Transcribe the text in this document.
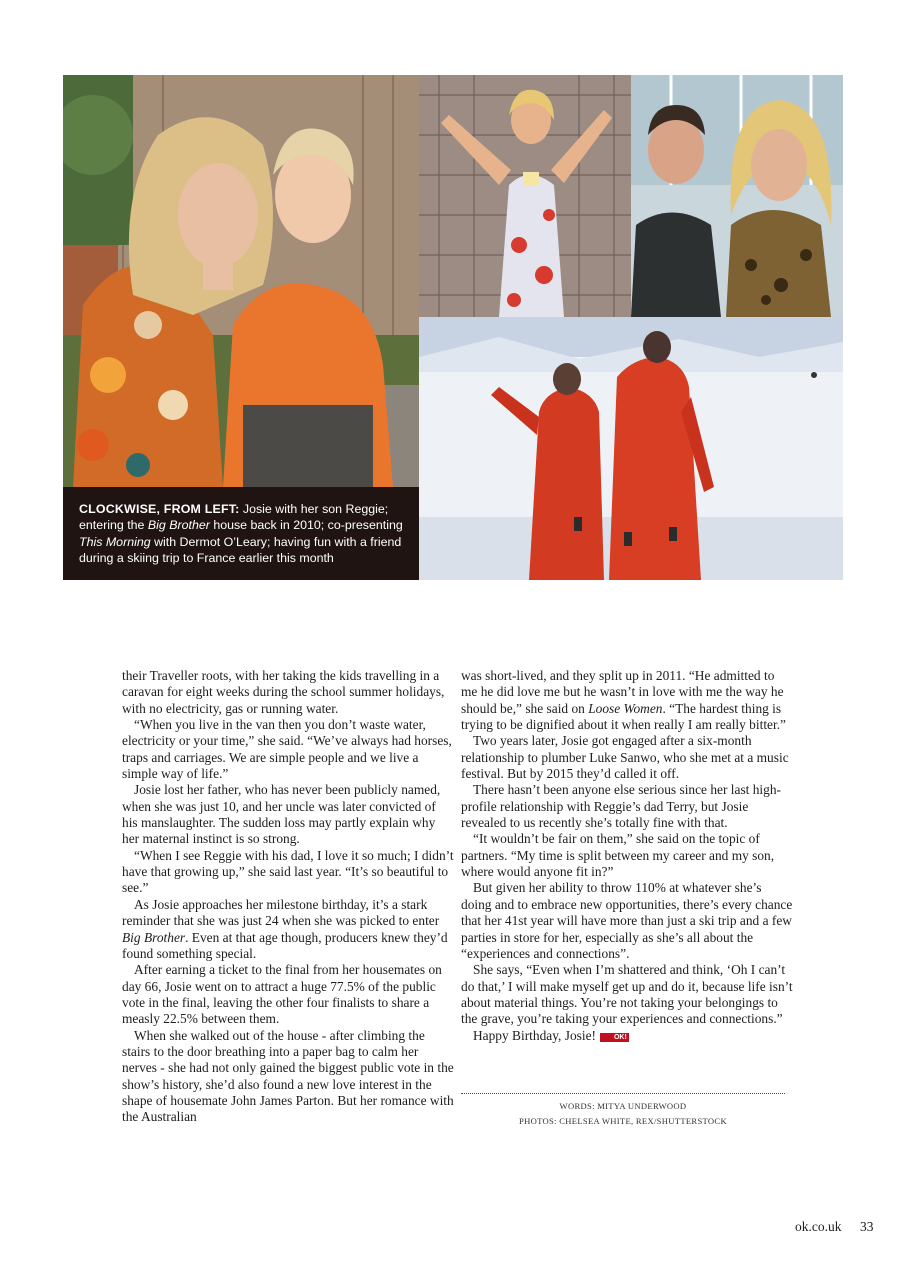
CLOCKWISE, FROM LEFT: Josie with her son Reggie; entering the Big Brother house back in 2010; co-presenting This Morning with Dermot O’Leary; having fun with a friend during a skiing trip to France earlier this month

their Traveller roots, with her taking the kids travelling in a caravan for eight weeks during the school summer holidays, with no electricity, gas or running water.

“When you live in the van then you don’t waste water, electricity or your time,” she said. “We’ve always had horses, traps and carriages. We are simple people and we live a simple way of life.”

Josie lost her father, who has never been publicly named, when she was just 10, and her uncle was later convicted of his manslaughter. The sudden loss may partly explain why her maternal instinct is so strong.

“When I see Reggie with his dad, I love it so much; I didn’t have that growing up,” she said last year. “It’s so beautiful to see.”

As Josie approaches her milestone birthday, it’s a stark reminder that she was just 24 when she was picked to enter Big Brother. Even at that age though, producers knew they’d found something special.

After earning a ticket to the final from her housemates on day 66, Josie went on to attract a huge 77.5% of the public vote in the final, leaving the other four finalists to share a measly 22.5% between them.

When she walked out of the house - after climbing the stairs to the door breathing into a paper bag to calm her nerves - she had not only gained the biggest public vote in the show’s history, she’d also found a new love interest in the shape of housemate John James Parton. But her romance with the Australian

was short-lived, and they split up in 2011. “He admitted to me he did love me but he wasn’t in love with me the way he should be,” she said on Loose Women. “The hardest thing is trying to be dignified about it when really I am really bitter.”

Two years later, Josie got engaged after a six-month relationship to plumber Luke Sanwo, who she met at a music festival. But by 2015 they’d called it off.

There hasn’t been anyone else serious since her last high-profile relationship with Reggie’s dad Terry, but Josie revealed to us recently she’s totally fine with that.

“It wouldn’t be fair on them,” she said on the topic of partners. “My time is split between my career and my son, where would anyone fit in?”

But given her ability to throw 110% at whatever she’s doing and to embrace new opportunities, there’s every chance that her 41st year will have more than just a ski trip and a few parties in store for her, especially as she’s all about the “experiences and connections”.

She says, “Even when I’m shattered and think, ‘Oh I can’t do that,’ I will make myself get up and do it, because life isn’t about material things. You’re not taking your belongings to the grave, you’re taking your experiences and connections.”

Happy Birthday, Josie!	OK!

WORDS: MITYA UNDERWOOD
PHOTOS: CHELSEA WHITE, REX/SHUTTERSTOCK
ok.co.uk 33
